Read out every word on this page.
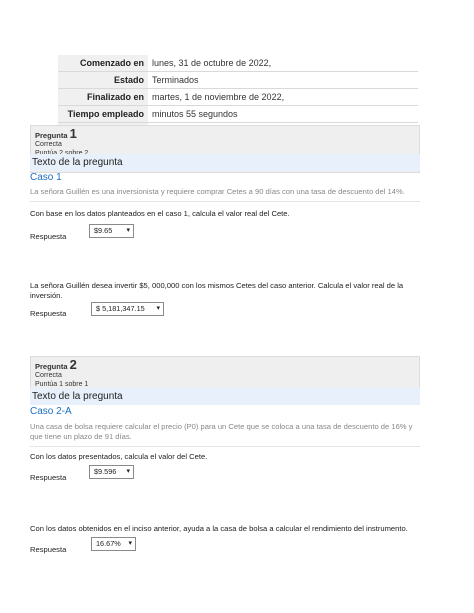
Comenzado en	lunes, 31 de octubre de 2022,
Estado	Terminados
Finalizado en	martes, 1 de noviembre de 2022,
Tiempo empleado	minutos 55 segundos

Pregunta 1
Correcta
Texto de la pregunta
Caso 1
La señora Guillén es una inversionista y requiere comprar Cetes a 90 días con una tasa de descuento del 14%.
Con base en los datos planteados en el caso 1, calcula el valor real del Cete.
Respuesta
$9.65 ▾
La señora Guillén desea invertir $5, 000,000 con los mismos Cetes del caso anterior. Calcula el valor real de la inversión.
Respuesta
$ 5,181,347.15 ▾
Pregunta 2
Correcta
Puntúa 1 sobre 1
Texto de la pregunta
Caso 2-A
Una casa de bolsa requiere calcular el precio (P0) para un Cete que se coloca a una tasa de descuento de 16% y que tiene un plazo de 91 días.
Con los datos presentados, calcula el valor del Cete.
Respuesta
$9.596 ▾
Con los datos obtenidos en el inciso anterior, ayuda a la casa de bolsa a calcular el rendimiento del instrumento.
Respuesta
16.67% ▾
